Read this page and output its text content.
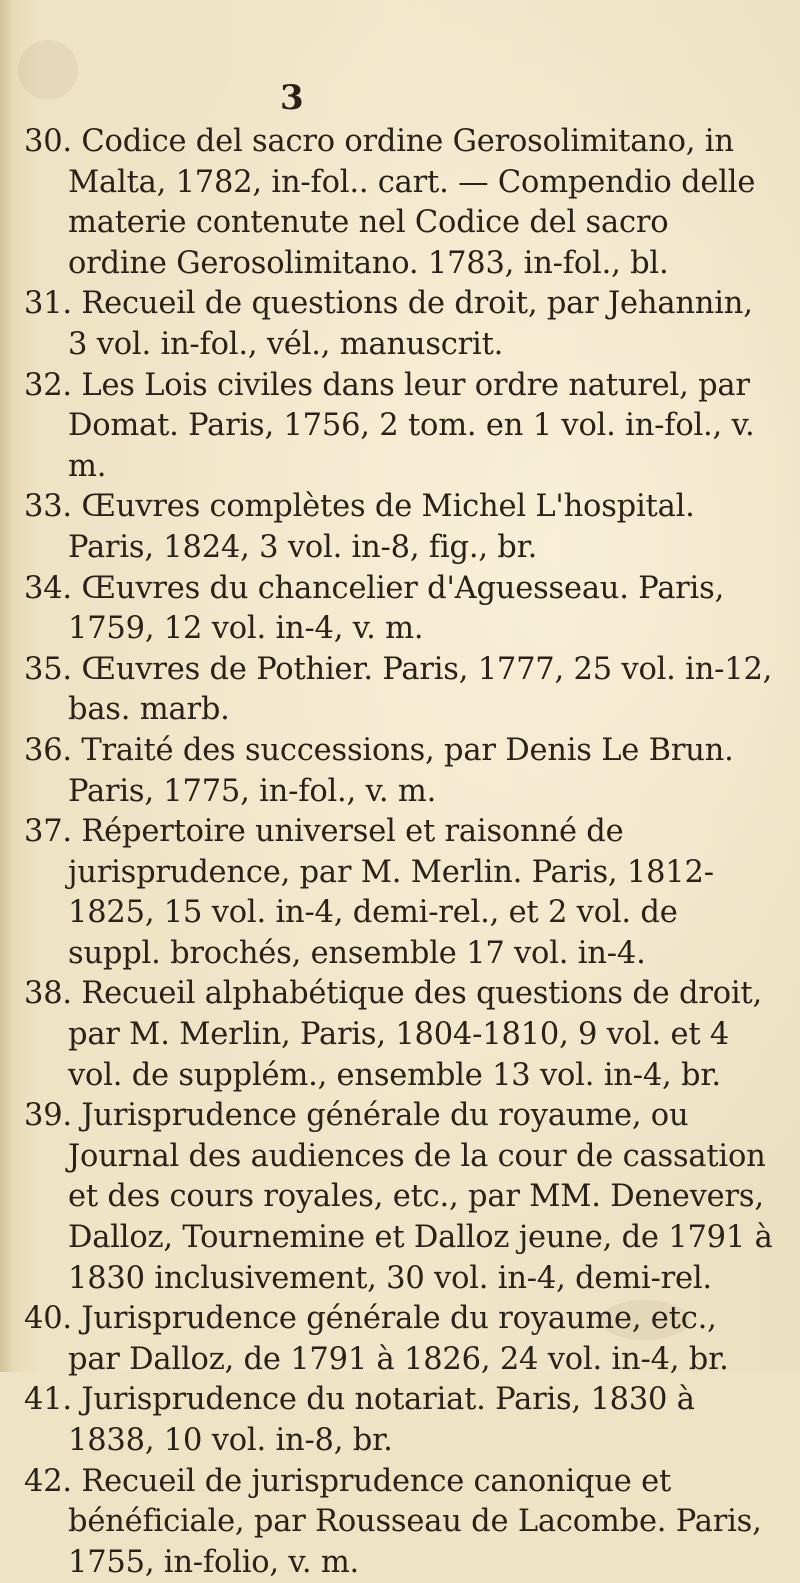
3

30. Codice del sacro ordine Gerosolimitano, in Malta, 1782, in-fol.. cart. — Compendio delle materie contenute nel Codice del sacro ordine Gerosolimitano. 1783, in-fol., bl.

31. Recueil de questions de droit, par Jehannin, 3 vol. in-fol., vél., manuscrit.

32. Les Lois civiles dans leur ordre naturel, par Domat. Paris, 1756, 2 tom. en 1 vol. in-fol., v. m.

33. Œuvres complètes de Michel L'hospital. Paris, 1824, 3 vol. in-8, fig., br.

34. Œuvres du chancelier d'Aguesseau. Paris, 1759, 12 vol. in-4, v. m.

35. Œuvres de Pothier. Paris, 1777, 25 vol. in-12, bas. marb.

36. Traité des successions, par Denis Le Brun. Paris, 1775, in-fol., v. m.

37. Répertoire universel et raisonné de jurisprudence, par M. Merlin. Paris, 1812-1825, 15 vol. in-4, demi-rel., et 2 vol. de suppl. brochés, ensemble 17 vol. in-4.

38. Recueil alphabétique des questions de droit, par M. Merlin, Paris, 1804-1810, 9 vol. et 4 vol. de supplém., ensemble 13 vol. in-4, br.

39. Jurisprudence générale du royaume, ou Journal des audiences de la cour de cassation et des cours royales, etc., par MM. Denevers, Dalloz, Tournemine et Dalloz jeune, de 1791 à 1830 inclusivement, 30 vol. in-4, demi-rel.

40. Jurisprudence générale du royaume, etc., par Dalloz, de 1791 à 1826, 24 vol. in-4, br.

41. Jurisprudence du notariat. Paris, 1830 à 1838, 10 vol. in-8, br.

42. Recueil de jurisprudence canonique et bénéficiale, par Rousseau de Lacombe. Paris, 1755, in-folio, v. m.
